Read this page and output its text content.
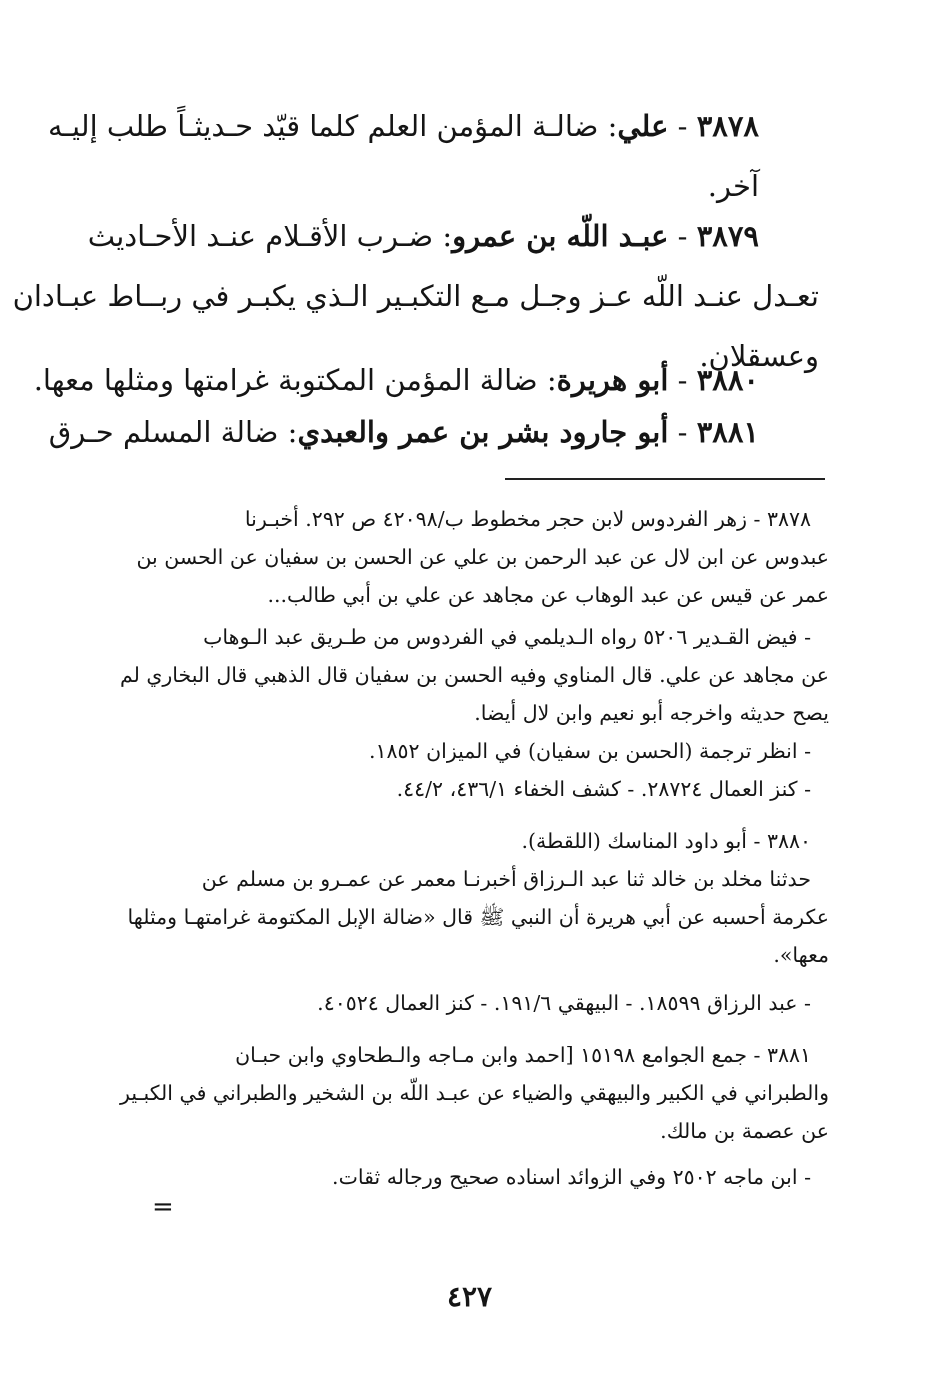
٣٨٧٨ - علي: ضالـة المؤمن العلم كلما قيّد حـديثـاً طلب إليـه
آخر.
٣٨٧٩ - عبـد اللّه بن عمرو: ضـرب الأقـلام عنـد الأحـاديث
تعـدل عنـد اللّه عـز وجـل مـع التكبـير الـذي يكبـر في ربــاط عبـادان
وعسقلان.
٣٨٨٠ - أبو هريرة: ضالة المؤمن المكتوبة غرامتها ومثلها معها.
٣٨٨١ - أبو جارود بشر بن عمر والعبدي: ضالة المسلم حـرق
٣٨٧٨ - زهر الفردوس لابن حجر مخطوط ب/٤٢٠٩٨ ص ٢٩٢. أخبـرنا
عبدوس عن ابن لال عن عبد الرحمن بن علي عن الحسن بن سفيان عن الحسن بن
عمر عن قيس عن عبد الوهاب عن مجاهد عن علي بن أبي طالب...
- فيض القـدير ٥٢٠٦ رواه الـديلمي في الفردوس من طـريق عبد الـوهاب
عن مجاهد عن علي. قال المناوي وفيه الحسن بن سفيان قال الذهبي قال البخاري لم
يصح حديثه واخرجه أبو نعيم وابن لال أيضا.
- انظر ترجمة (الحسن بن سفيان) في الميزان ١٨٥٢.
- كنز العمال ٢٨٧٢٤. - كشف الخفاء ٤٣٦/١، ٤٤/٢.
٣٨٨٠ - أبو داود المناسك (اللقطة).
حدثنا مخلد بن خالد ثنا عبد الـرزاق أخبرنـا معمر عن عمـرو بن مسلم عن
عكرمة أحسبه عن أبي هريرة أن النبي ﷺ قال «ضالة الإبل المكتومة غرامتهـا ومثلها
معها».
- عبد الرزاق ١٨٥٩٩. - البيهقي ١٩١/٦. - كنز العمال ٤٠٥٢٤.
٣٨٨١ - جمع الجوامع ١٥١٩٨ [احمد وابن مـاجه والـطحاوي وابن حبـان
والطبراني في الكبير والبيهقي والضياء عن عبـد اللّه بن الشخير والطبراني في الكبـير
عن عصمة بن مالك.
- ابن ماجه ٢٥٠٢ وفي الزوائد اسناده صحيح ورجاله ثقات.
=
٤٢٧
